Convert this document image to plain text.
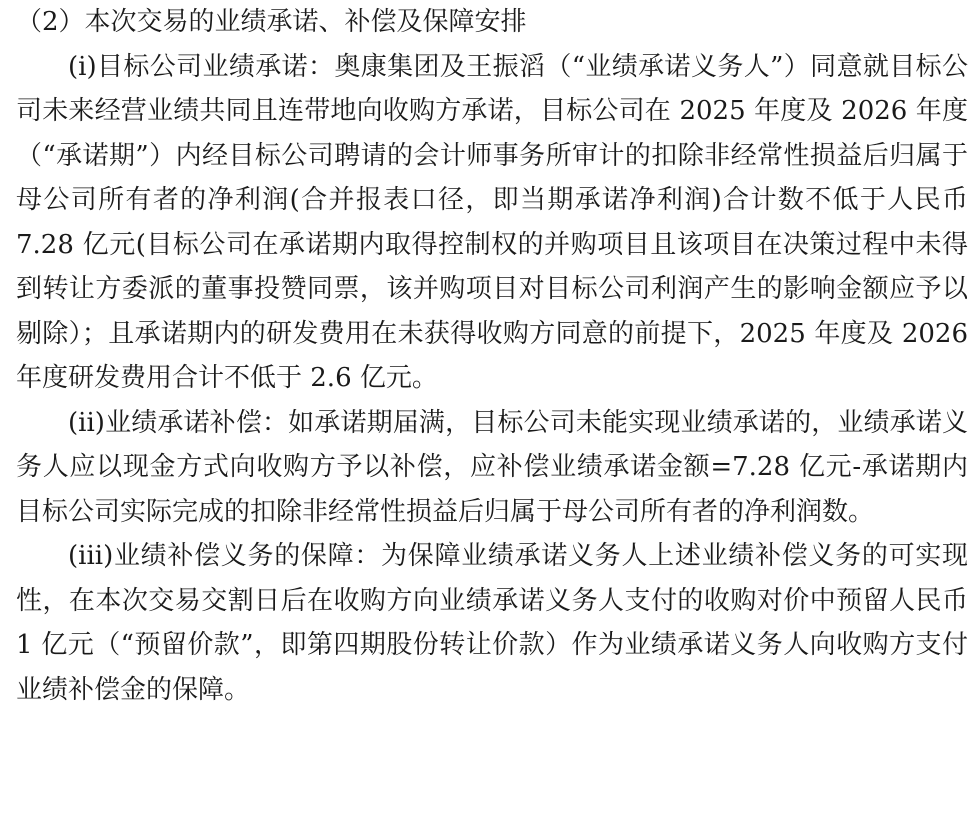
（2）本次交易的业绩承诺、补偿及保障安排

(i)目标公司业绩承诺：奥康集团及王振滔（“业绩承诺义务人”）同意就目标公司未来经营业绩共同且连带地向收购方承诺，目标公司在 2025 年度及 2026 年度（“承诺期”）内经目标公司聘请的会计师事务所审计的扣除非经常性损益后归属于母公司所有者的净利润(合并报表口径，即当期承诺净利润)合计数不低于人民币 7.28 亿元(目标公司在承诺期内取得控制权的并购项目且该项目在决策过程中未得到转让方委派的董事投赞同票，该并购项目对目标公司利润产生的影响金额应予以剔除）；且承诺期内的研发费用在未获得收购方同意的前提下，2025 年度及 2026 年度研发费用合计不低于 2.6 亿元。

(ii)业绩承诺补偿：如承诺期届满，目标公司未能实现业绩承诺的，业绩承诺义务人应以现金方式向收购方予以补偿，应补偿业绩承诺金额=7.28 亿元-承诺期内目标公司实际完成的扣除非经常性损益后归属于母公司所有者的净利润数。

(iii)业绩补偿义务的保障：为保障业绩承诺义务人上述业绩补偿义务的可实现性，在本次交易交割日后在收购方向业绩承诺义务人支付的收购对价中预留人民币 1 亿元（“预留价款”，即第四期股份转让价款）作为业绩承诺义务人向收购方支付业绩补偿金的保障。
